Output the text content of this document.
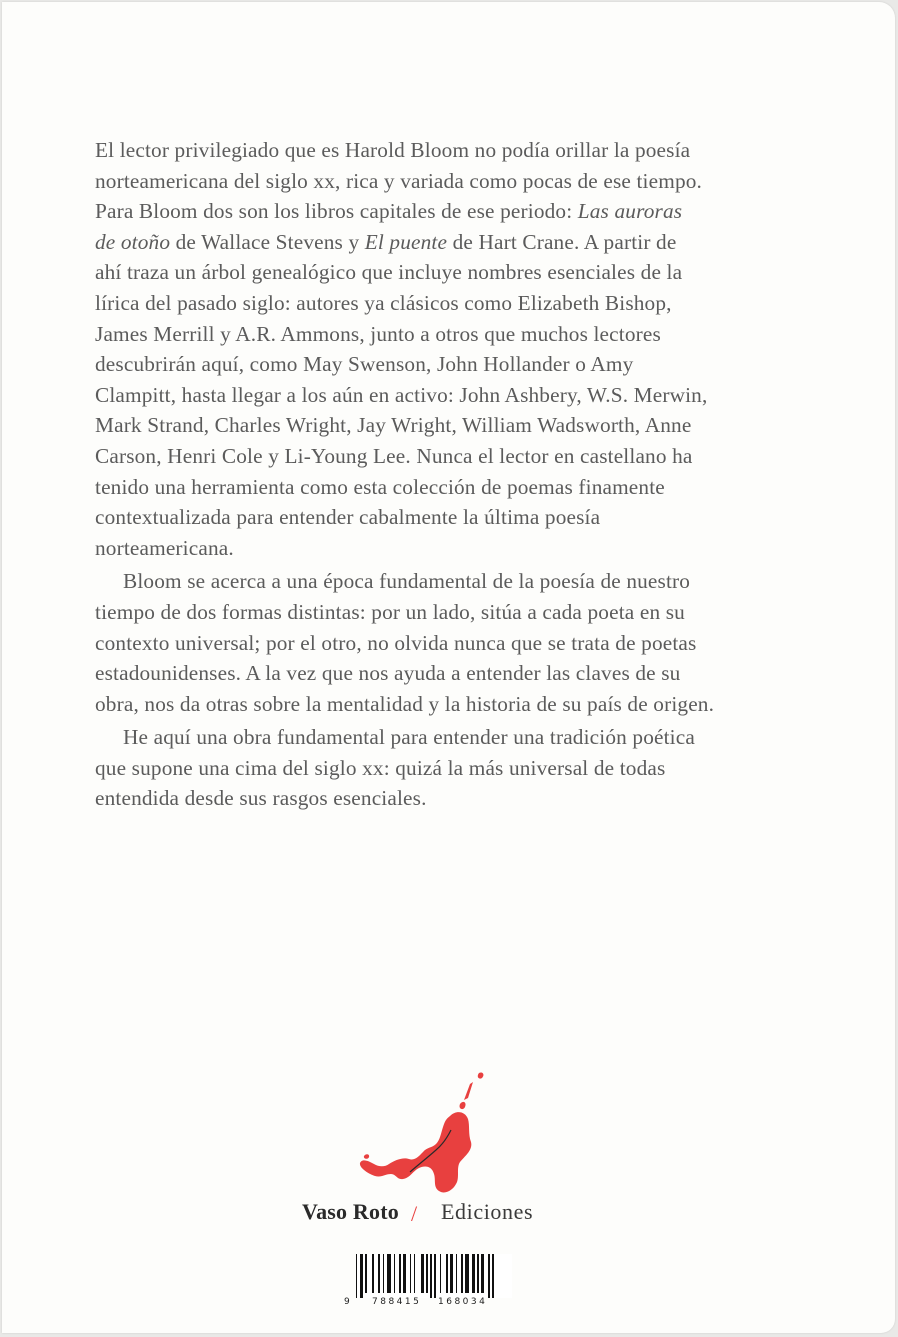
El lector privilegiado que es Harold Bloom no podía orillar la poesía
norteamericana del siglo xx, rica y variada como pocas de ese tiempo.
Para Bloom dos son los libros capitales de ese periodo: Las auroras
de otoño de Wallace Stevens y El puente de Hart Crane. A partir de
ahí traza un árbol genealógico que incluye nombres esenciales de la
lírica del pasado siglo: autores ya clásicos como Elizabeth Bishop,
James Merrill y A.R. Ammons, junto a otros que muchos lectores
descubrirán aquí, como May Swenson, John Hollander o Amy
Clampitt, hasta llegar a los aún en activo: John Ashbery, W.S. Merwin,
Mark Strand, Charles Wright, Jay Wright, William Wadsworth, Anne
Carson, Henri Cole y Li-Young Lee. Nunca el lector en castellano ha
tenido una herramienta como esta colección de poemas finamente
contextualizada para entender cabalmente la última poesía
norteamericana.
Bloom se acerca a una época fundamental de la poesía de nuestro
tiempo de dos formas distintas: por un lado, sitúa a cada poeta en su
contexto universal; por el otro, no olvida nunca que se trata de poetas
estadounidenses. A la vez que nos ayuda a entender las claves de su
obra, nos da otras sobre la mentalidad y la historia de su país de origen.
He aquí una obra fundamental para entender una tradición poética
que supone una cima del siglo xx: quizá la más universal de todas
entendida desde sus rasgos esenciales.
Vaso Roto / Ediciones
9 788415 168034
